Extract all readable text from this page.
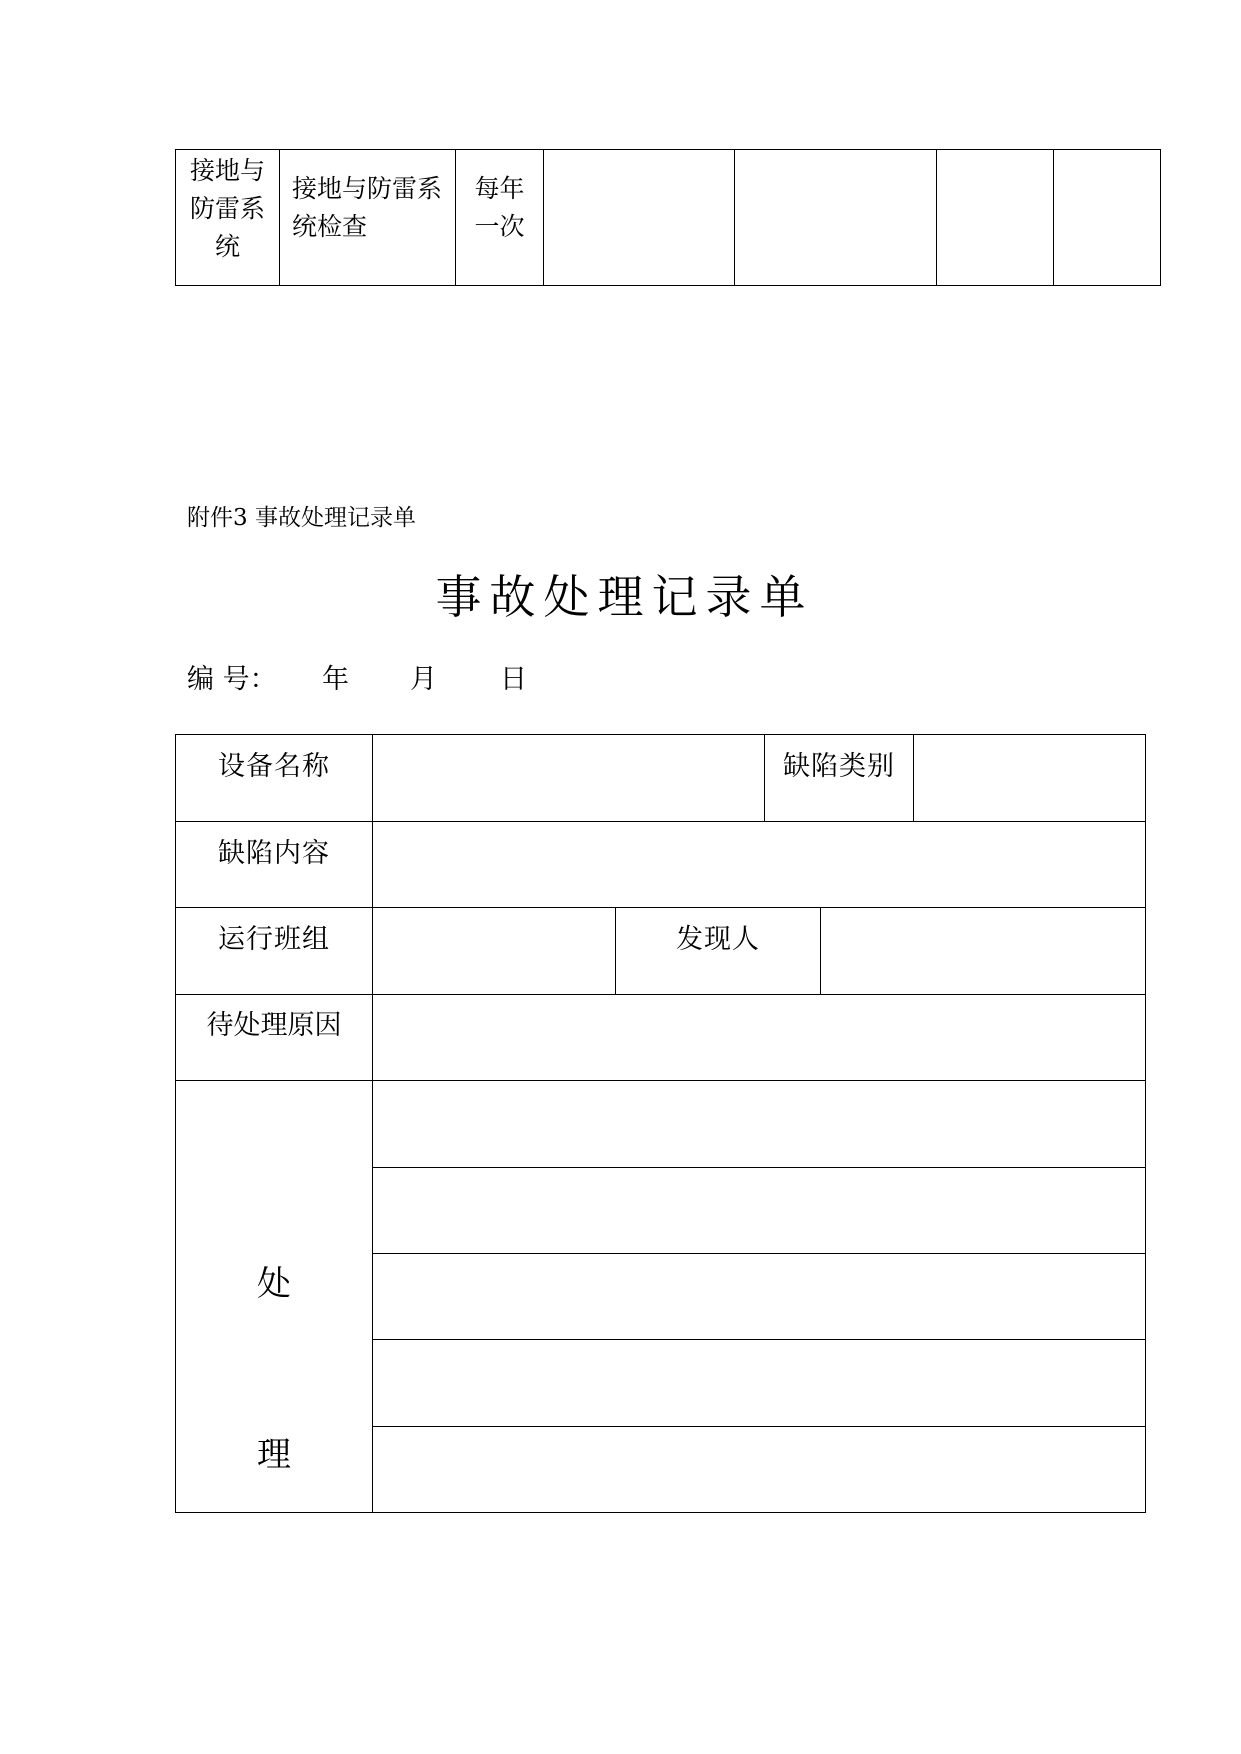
接地与
防雷系
统
接地与防雷系
统检查
每年
一次
附件3 事故处理记录单
事故处理记录单
编 号： 年 月 日
设备名称	缺陷类别
缺陷内容
运行班组	发现人
待处理原因
处
理
